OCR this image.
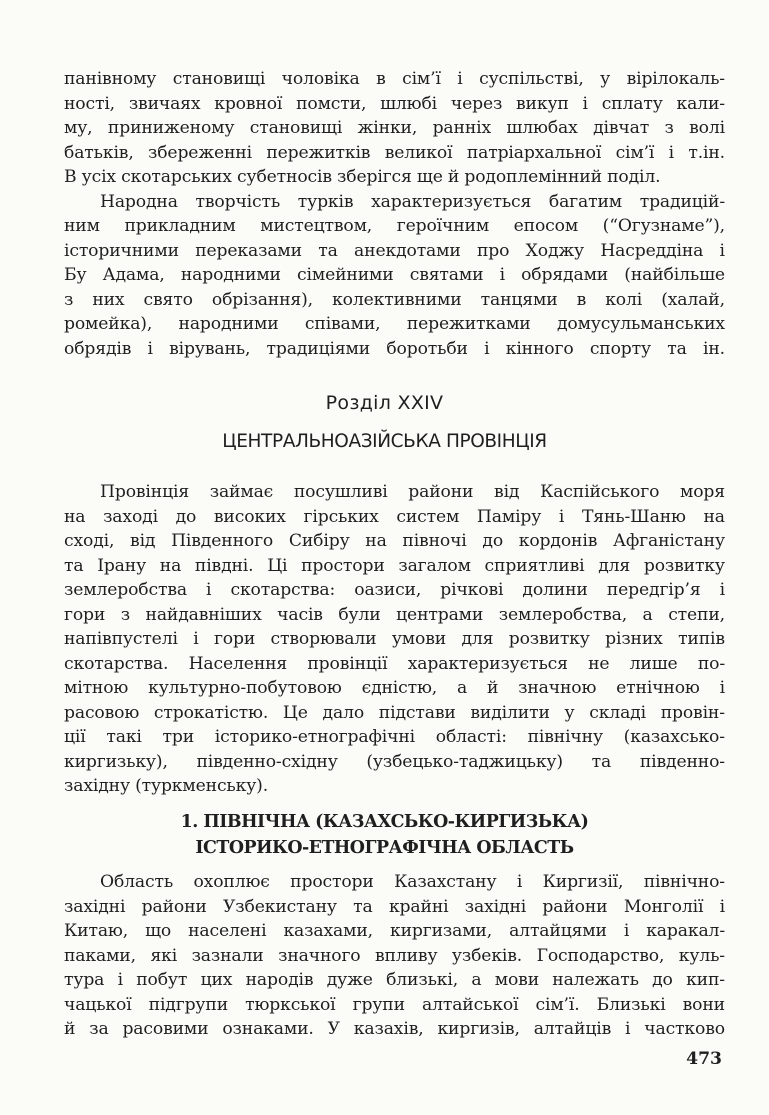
панівному становищі чоловіка в сім’ї і суспільстві, у вірілокаль-
ності, звичаях кровної помсти, шлюбі через викуп і сплату кали-
му, приниженому становищі жінки, ранніх шлюбах дівчат з волі
батьків, збереженні пережитків великої патріархальної сім’ї і т.ін.
В усіх скотарських субетносів зберігся ще й родоплемінний поділ.
Народна творчість турків характеризується багатим традицій-
ним прикладним мистецтвом, героїчним епосом (“Огузнаме”),
історичними переказами та анекдотами про Ходжу Насреддіна і
Бу Адама, народними сімейними святами і обрядами (найбільше
з них свято обрізання), колективними танцями в колі (халай,
ромейка), народними співами, пережитками домусульманських
обрядів і вірувань, традиціями боротьби і кінного спорту та ін.
Розділ XXIV
ЦЕНТРАЛЬНОАЗІЙСЬКА ПРОВІНЦІЯ
Провінція займає посушливі райони від Каспійського моря
на заході до високих гірських систем Паміру і Тянь-Шаню на
сході, від Південного Сибіру на півночі до кордонів Афганістану
та Ірану на півдні. Ці простори загалом сприятливі для розвитку
землеробства і скотарства: оазиси, річкові долини передгір’я і
гори з найдавніших часів були центрами землеробства, а степи,
напівпустелі і гори створювали умови для розвитку різних типів
скотарства. Населення провінції характеризується не лише по-
мітною культурно-побутовою єдністю, а й значною етнічною і
расовою строкатістю. Це дало підстави виділити у складі провін-
ції такі три історико-етнографічні області: північну (казахсько-
киргизьку), південно-східну (узбецько-таджицьку) та південно-
західну (туркменську).
1. ПІВНІЧНА (КАЗАХСЬКО-КИРГИЗЬКА)
ІСТОРИКО-ЕТНОГРАФІЧНА ОБЛАСТЬ
Область охоплює простори Казахстану і Киргизії, північно-
західні райони Узбекистану та крайні західні райони Монголії і
Китаю, що населені казахами, киргизами, алтайцями і каракал-
паками, які зазнали значного впливу узбеків. Господарство, куль-
тура і побут цих народів дуже близькі, а мови належать до кип-
чацької підгрупи тюркської групи алтайської сім’ї. Близькі вони
й за расовими ознаками. У казахів, киргизів, алтайців і частково
473
